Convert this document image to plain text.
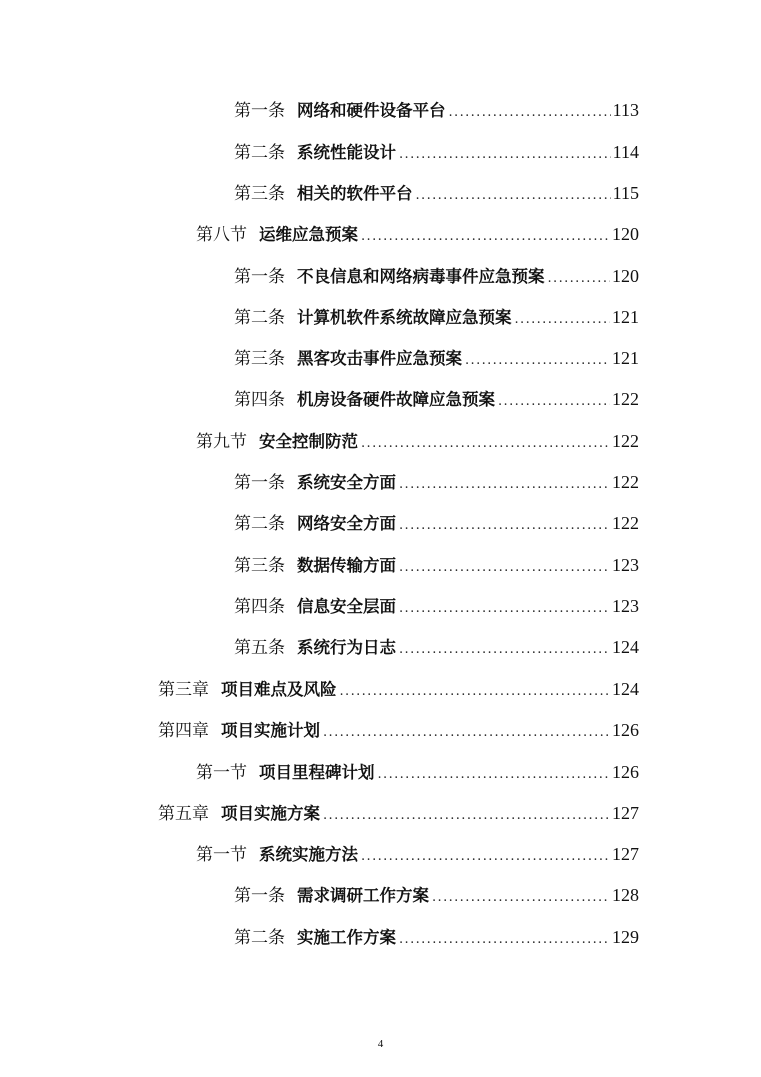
第一条 网络和硬件设备平台 .....	113
第二条 系统性能设计 .....	114
第三条 相关的软件平台 .....	115
第八节 运维应急预案 .....	120
第一条 不良信息和网络病毒事件应急预案 .....	120
第二条 计算机软件系统故障应急预案 .....	121
第三条 黑客攻击事件应急预案 .....	121
第四条 机房设备硬件故障应急预案 .....	122
第九节 安全控制防范 .....	122
第一条 系统安全方面 .....	122
第二条 网络安全方面 .....	122
第三条 数据传输方面 .....	123
第四条 信息安全层面 .....	123
第五条 系统行为日志 .....	124
第三章 项目难点及风险 .....	124
第四章 项目实施计划 .....	126
第一节 项目里程碑计划 .....	126
第五章 项目实施方案 .....	127
第一节 系统实施方法 .....	127
第一条 需求调研工作方案 .....	128
第二条 实施工作方案 .....	129
4
